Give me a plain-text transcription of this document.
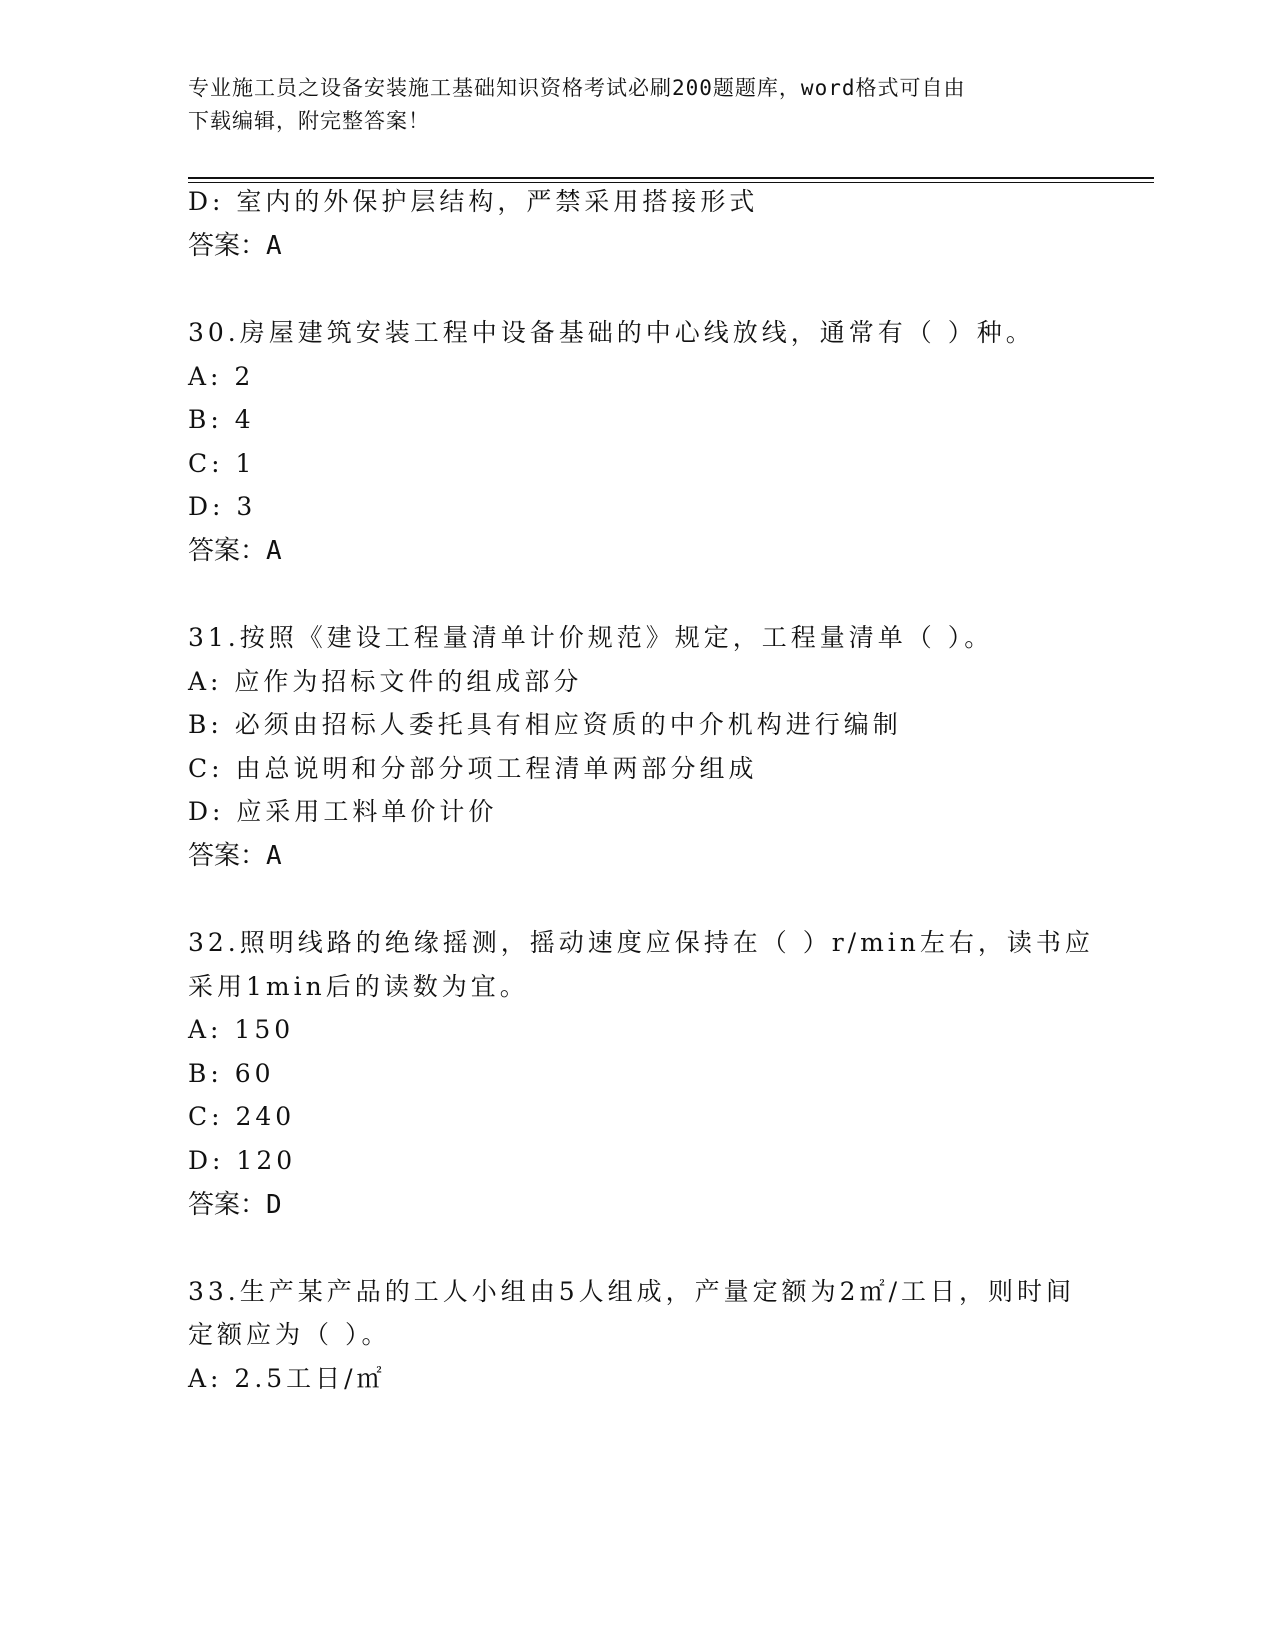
专业施工员之设备安装施工基础知识资格考试必刷200题题库，word格式可自由
下载编辑，附完整答案！
D: 室内的外保护层结构，严禁采用搭接形式
答案：A
30.房屋建筑安装工程中设备基础的中心线放线，通常有（ ）种。
A: 2
B: 4
C: 1
D: 3
答案：A
31.按照《建设工程量清单计价规范》规定，工程量清单（ ）。
A: 应作为招标文件的组成部分
B: 必须由招标人委托具有相应资质的中介机构进行编制
C: 由总说明和分部分项工程清单两部分组成
D: 应采用工料单价计价
答案：A
32.照明线路的绝缘摇测，摇动速度应保持在（ ）r/min左右，读书应
采用1min后的读数为宜。
A: 150
B: 60
C: 240
D: 120
答案：D
33.生产某产品的工人小组由5人组成，产量定额为2㎡/工日，则时间
定额应为（ ）。
A: 2.5工日/㎡
